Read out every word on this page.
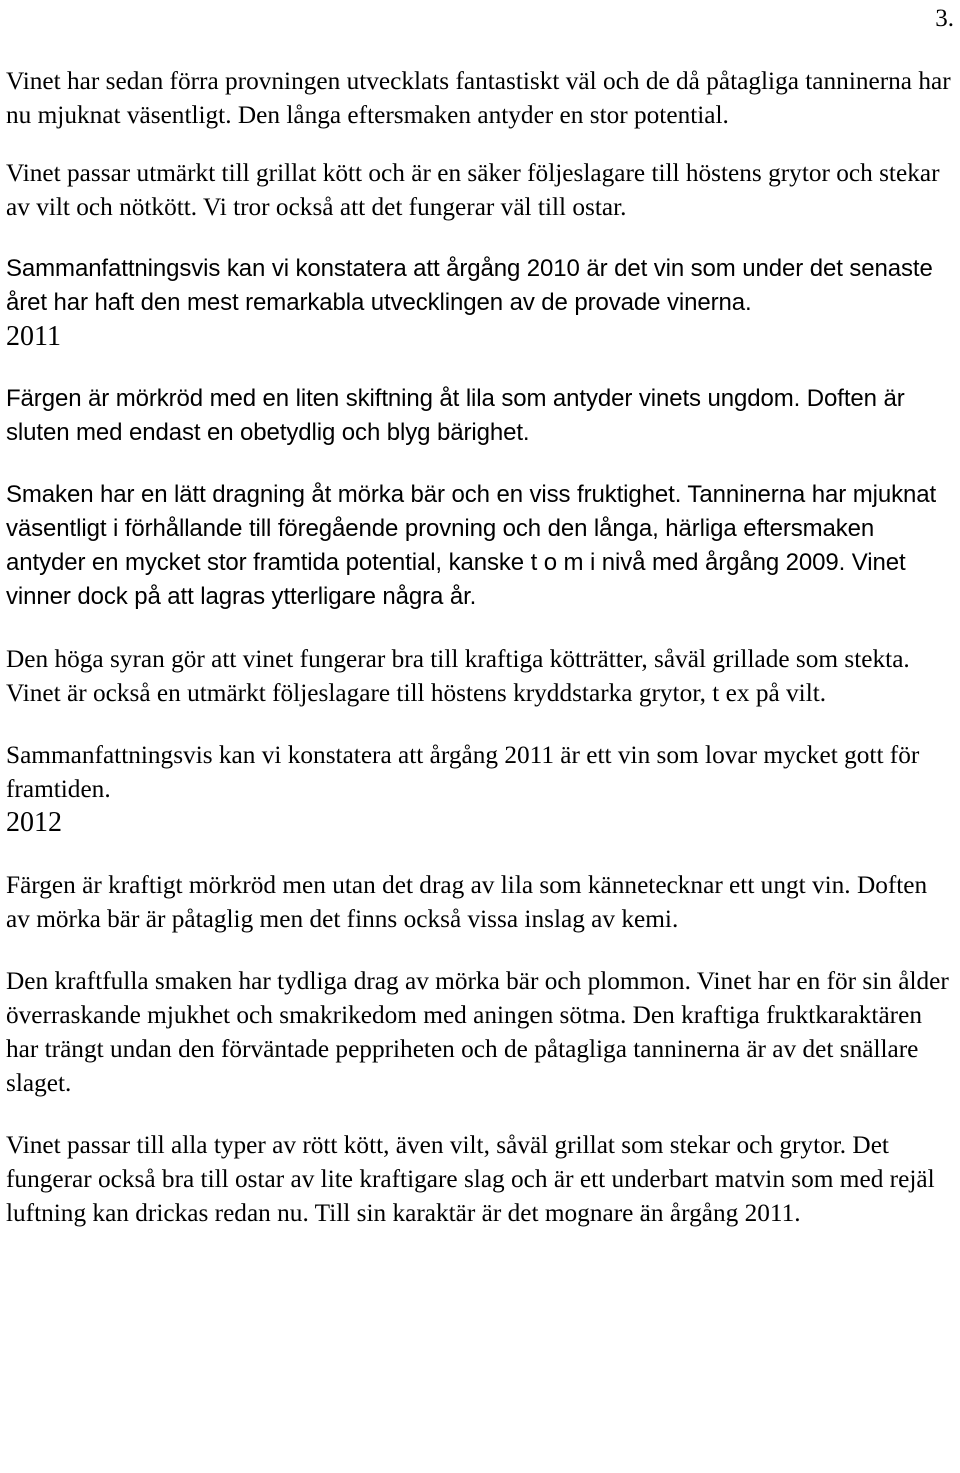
3.

Vinet har sedan förra provningen utvecklats fantastiskt väl och de då påtagliga tanninerna har nu mjuknat väsentligt. Den långa eftersmaken antyder en stor potential.

Vinet passar utmärkt till grillat kött och är en säker följeslagare till höstens grytor och stekar av vilt och nötkött. Vi tror också att det fungerar väl till ostar.

Sammanfattningsvis kan vi konstatera att årgång 2010 är det vin som under det senaste året har haft den mest remarkabla utvecklingen av de provade vinerna.

2011

Färgen är mörkröd med en liten skiftning åt lila som antyder vinets ungdom. Doften är sluten med endast en obetydlig och blyg bärighet.

Smaken har en lätt dragning åt mörka bär och en viss fruktighet. Tanninerna har mjuknat väsentligt i förhållande till föregående provning och den långa, härliga eftersmaken antyder en mycket stor framtida potential, kanske t o m i nivå med årgång 2009. Vinet vinner dock på att lagras ytterligare några år.

Den höga syran gör att vinet fungerar bra till kraftiga kötträtter, såväl grillade som stekta. Vinet är också en utmärkt följeslagare till höstens kryddstarka grytor, t ex på vilt.

Sammanfattningsvis kan vi konstatera att årgång 2011 är ett vin som lovar mycket gott för framtiden.

2012

Färgen är kraftigt mörkröd men utan det drag av lila som kännetecknar ett ungt vin. Doften av mörka bär är påtaglig men det finns också vissa inslag av kemi.

Den kraftfulla smaken har tydliga drag av mörka bär och plommon. Vinet har en för sin ålder överraskande mjukhet och smakrikedom med aningen sötma. Den kraftiga fruktkaraktären har trängt undan den förväntade peppriheten och de påtagliga tanninerna är av det snällare slaget.

Vinet passar till alla typer av rött kött, även vilt, såväl grillat som stekar och grytor. Det fungerar också bra till ostar av lite kraftigare slag och är ett underbart matvin som med rejäl luftning kan drickas redan nu. Till sin karaktär är det mognare än årgång 2011.
